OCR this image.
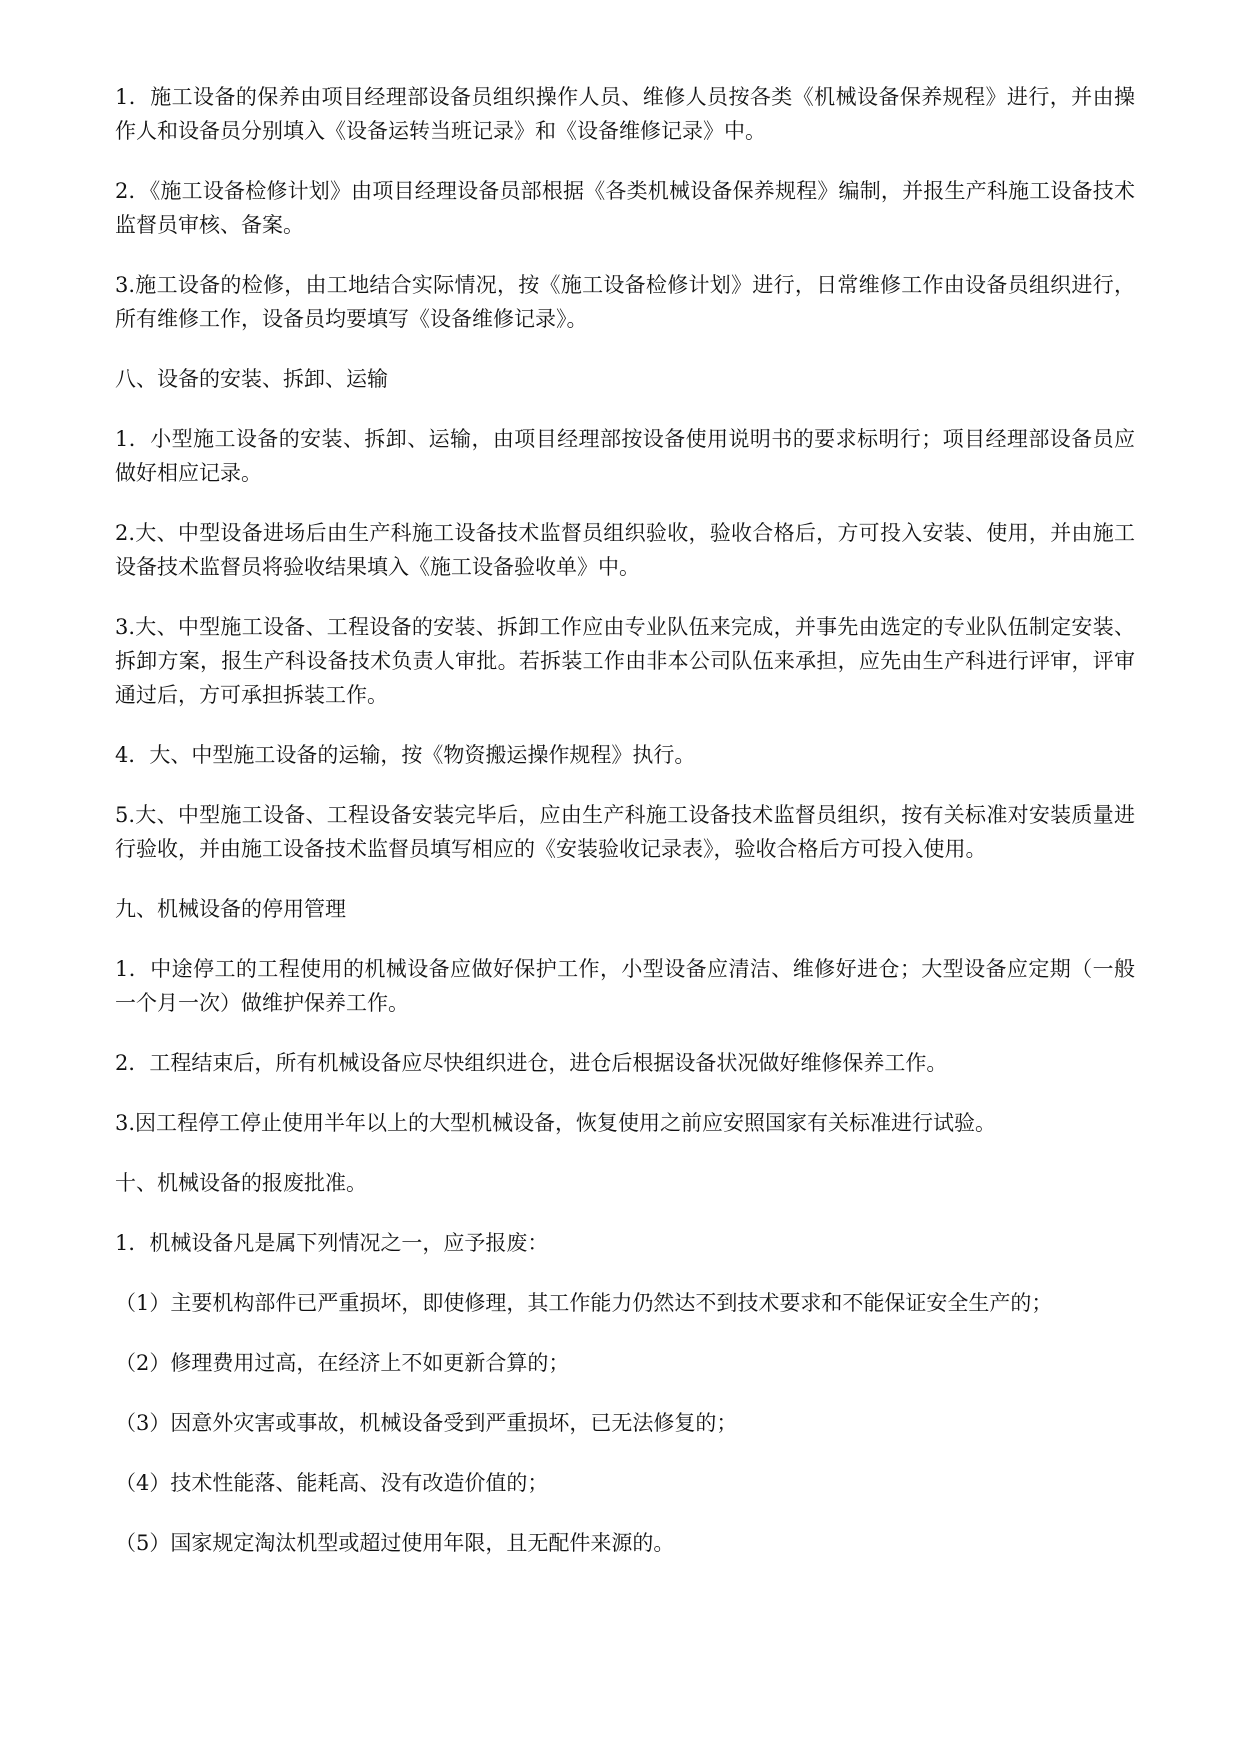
1．施工设备的保养由项目经理部设备员组织操作人员、维修人员按各类《机械设备保养规程》进行，并由操作人和设备员分别填入《设备运转当班记录》和《设备维修记录》中。

2．《施工设备检修计划》由项目经理设备员部根据《各类机械设备保养规程》编制，并报生产科施工设备技术监督员审核、备案。

3.施工设备的检修，由工地结合实际情况，按《施工设备检修计划》进行，日常维修工作由设备员组织进行，所有维修工作，设备员均要填写《设备维修记录》。

八、设备的安装、拆卸、运输

1．小型施工设备的安装、拆卸、运输，由项目经理部按设备使用说明书的要求标明行；项目经理部设备员应做好相应记录。

2.大、中型设备进场后由生产科施工设备技术监督员组织验收，验收合格后，方可投入安装、使用，并由施工设备技术监督员将验收结果填入《施工设备验收单》中。

3.大、中型施工设备、工程设备的安装、拆卸工作应由专业队伍来完成，并事先由选定的专业队伍制定安装、拆卸方案，报生产科设备技术负责人审批。若拆装工作由非本公司队伍来承担，应先由生产科进行评审，评审通过后，方可承担拆装工作。

4．大、中型施工设备的运输，按《物资搬运操作规程》执行。

5.大、中型施工设备、工程设备安装完毕后，应由生产科施工设备技术监督员组织，按有关标准对安装质量进行验收，并由施工设备技术监督员填写相应的《安装验收记录表》，验收合格后方可投入使用。

九、机械设备的停用管理

1．中途停工的工程使用的机械设备应做好保护工作，小型设备应清洁、维修好进仓；大型设备应定期（一般一个月一次）做维护保养工作。

2．工程结束后，所有机械设备应尽快组织进仓，进仓后根据设备状况做好维修保养工作。

3.因工程停工停止使用半年以上的大型机械设备，恢复使用之前应安照国家有关标准进行试验。

十、机械设备的报废批准。

1．机械设备凡是属下列情况之一，应予报废：

（1）主要机构部件已严重损坏，即使修理，其工作能力仍然达不到技术要求和不能保证安全生产的；

（2）修理费用过高，在经济上不如更新合算的；

（3）因意外灾害或事故，机械设备受到严重损坏，已无法修复的；

（4）技术性能落、能耗高、没有改造价值的；

（5）国家规定淘汰机型或超过使用年限，且无配件来源的。
